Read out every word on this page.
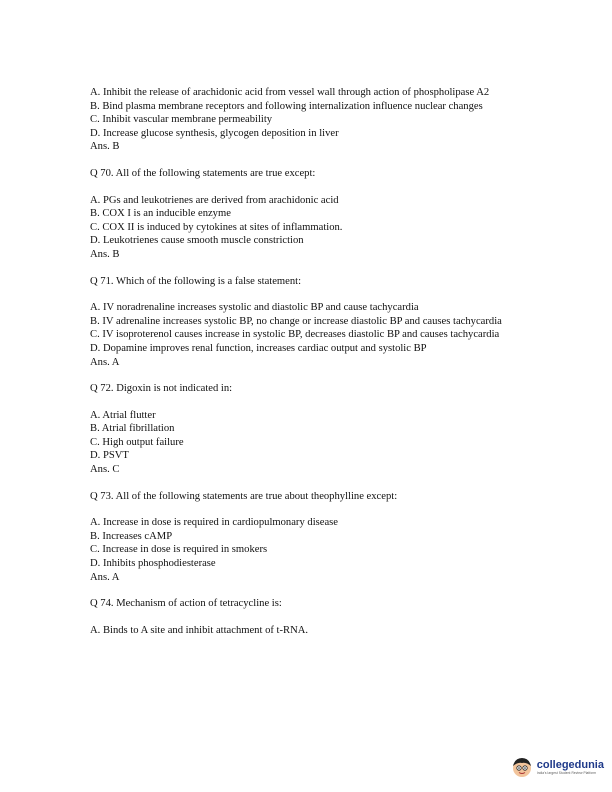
A. Inhibit the release of arachidonic acid from vessel wall through action of phospholipase A2
B. Bind plasma membrane receptors and following internalization influence nuclear changes
C. Inhibit vascular membrane permeability
D. Increase glucose synthesis, glycogen deposition in liver
Ans. B
Q 70. All of the following statements are true except:
A. PGs and leukotrienes are derived from arachidonic acid
B. COX I is an inducible enzyme
C. COX II is induced by cytokines at sites of inflammation.
D. Leukotrienes cause smooth muscle constriction
Ans. B
Q 71. Which of the following is a false statement:
A. IV noradrenaline increases systolic and diastolic BP and cause tachycardia
B. IV adrenaline increases systolic BP, no change or increase diastolic BP and causes tachycardia
C. IV isoproterenol causes increase in systolic BP, decreases diastolic BP and causes tachycardia
D. Dopamine improves renal function, increases cardiac output and systolic BP
Ans. A
Q 72. Digoxin is not indicated in:
A. Atrial flutter
B. Atrial fibrillation
C. High output failure
D. PSVT
Ans. C
Q 73. All of the following statements are true about theophylline except:
A. Increase in dose is required in cardiopulmonary disease
B. Increases cAMP
C. Increase in dose is required in smokers
D. Inhibits phosphodiesterase
Ans. A
Q 74. Mechanism of action of tetracycline is:
A. Binds to A site and inhibit attachment of t-RNA.
collegedunia
India's largest Student Review Platform
